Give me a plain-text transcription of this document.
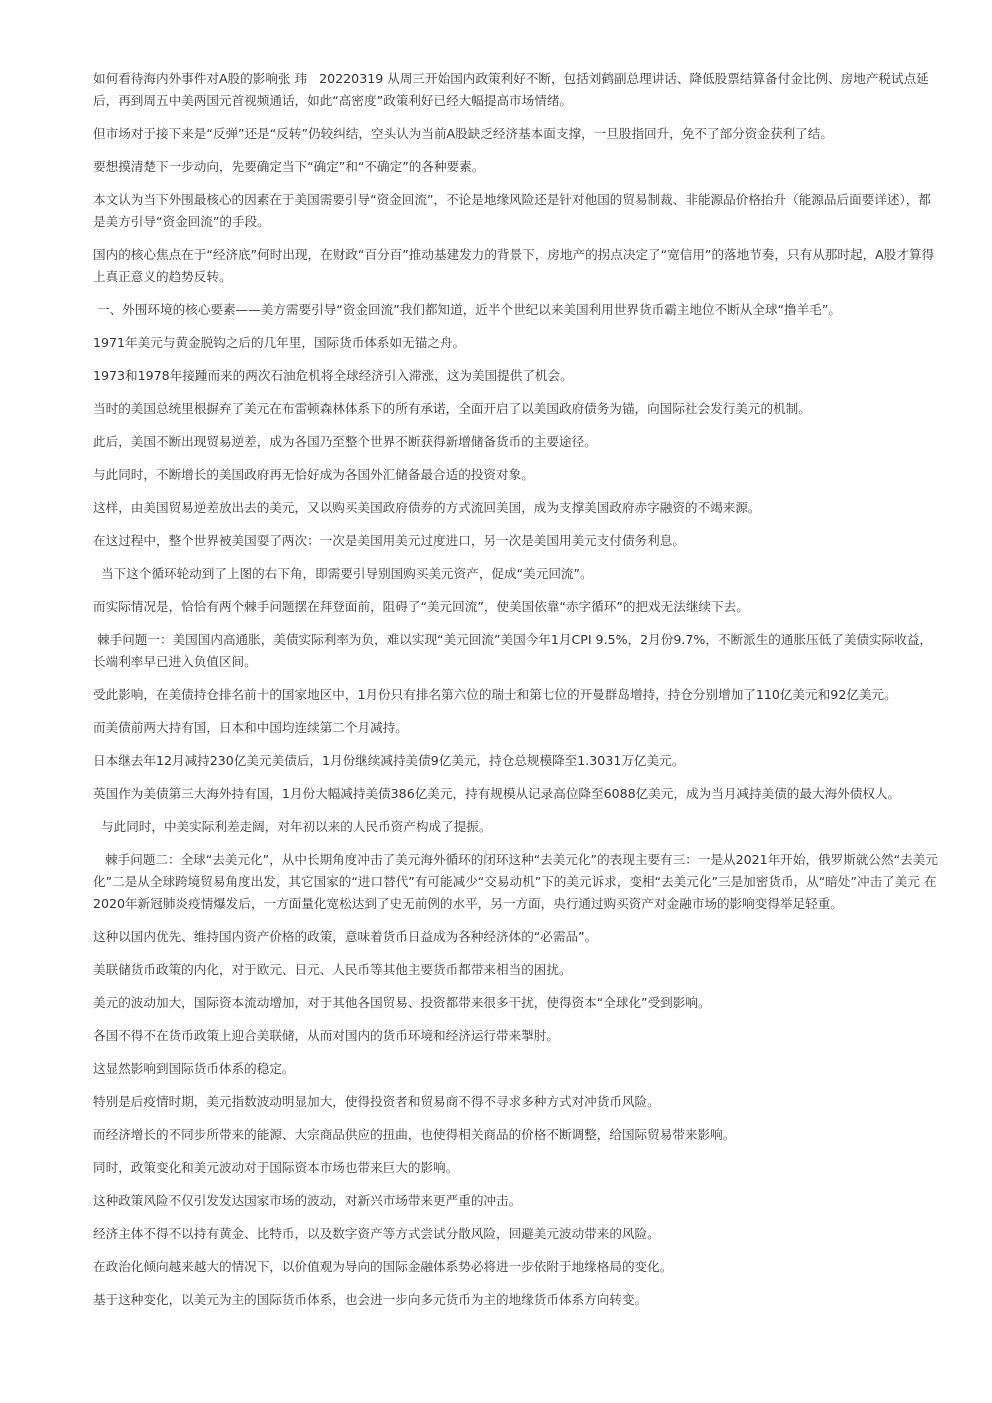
如何看待海内外事件对A股的影响张 玮   20220319 从周三开始国内政策利好不断，包括刘鹤副总理讲话、降低股票结算备付金比例、房地产税试点延后，再到周五中美两国元首视频通话，如此“高密度”政策利好已经大幅提高市场情绪。

但市场对于接下来是“反弹”还是“反转”仍较纠结，空头认为当前A股缺乏经济基本面支撑，一旦股指回升，免不了部分资金获利了结。

要想摸清楚下一步动向，先要确定当下“确定”和“不确定”的各种要素。

本文认为当下外围最核心的因素在于美国需要引导“资金回流”，不论是地缘风险还是针对他国的贸易制裁、非能源品价格抬升（能源品后面要详述），都是美方引导“资金回流”的手段。

国内的核心焦点在于“经济底”何时出现，在财政“百分百”推动基建发力的背景下，房地产的拐点决定了“宽信用”的落地节奏，只有从那时起，A股才算得上真正意义的趋势反转。

一、外围环境的核心要素——美方需要引导“资金回流”我们都知道，近半个世纪以来美国利用世界货币霸主地位不断从全球“撸羊毛”。

1971年美元与黄金脱钩之后的几年里，国际货币体系如无锚之舟。

1973和1978年接踵而来的两次石油危机将全球经济引入滞涨，这为美国提供了机会。

当时的美国总统里根摒弃了美元在布雷顿森林体系下的所有承诺，全面开启了以美国政府债务为锚，向国际社会发行美元的机制。

此后，美国不断出现贸易逆差，成为各国乃至整个世界不断获得新增储备货币的主要途径。

与此同时，不断增长的美国政府再无恰好成为各国外汇储备最合适的投资对象。

这样，由美国贸易逆差放出去的美元，又以购买美国政府债券的方式流回美国，成为支撑美国政府赤字融资的不竭来源。

在这过程中，整个世界被美国耍了两次：一次是美国用美元过度进口，另一次是美国用美元支付债务利息。

当下这个循环轮动到了上图的右下角，即需要引导别国购买美元资产，促成“美元回流”。

而实际情况是，恰恰有两个棘手问题摆在拜登面前，阻碍了“美元回流”，使美国依靠“赤字循环”的把戏无法继续下去。

棘手问题一：美国国内高通胀，美债实际利率为负，难以实现“美元回流”美国今年1月CPI 9.5%，2月份9.7%，不断派生的通胀压低了美债实际收益，长端利率早已进入负值区间。

受此影响，在美债持仓排名前十的国家地区中，1月份只有排名第六位的瑞士和第七位的开曼群岛增持，持仓分别增加了110亿美元和92亿美元。

而美债前两大持有国，日本和中国均连续第二个月减持。

日本继去年12月减持230亿美元美债后，1月份继续减持美债9亿美元，持仓总规模降至1.3031万亿美元。

英国作为美债第三大海外持有国，1月份大幅减持美债386亿美元，持有规模从记录高位降至6088亿美元，成为当月减持美债的最大海外债权人。

与此同时，中美实际利差走阔，对年初以来的人民币资产构成了提振。

棘手问题二：全球“去美元化”，从中长期角度冲击了美元海外循环的闭环这种“去美元化”的表现主要有三：一是从2021年开始，俄罗斯就公然“去美元化”二是从全球跨境贸易角度出发，其它国家的“进口替代”有可能减少“交易动机”下的美元诉求，变相“去美元化”三是加密货币，从“暗处”冲击了美元 在2020年新冠肺炎疫情爆发后，一方面量化宽松达到了史无前例的水平，另一方面，央行通过购买资产对金融市场的影响变得举足轻重。

这种以国内优先、维持国内资产价格的政策，意味着货币日益成为各种经济体的“必需品”。

美联储货币政策的内化，对于欧元、日元、人民币等其他主要货币都带来相当的困扰。

美元的波动加大，国际资本流动增加，对于其他各国贸易、投资都带来很多干扰，使得资本“全球化”受到影响。

各国不得不在货币政策上迎合美联储，从而对国内的货币环境和经济运行带来掣肘。

这显然影响到国际货币体系的稳定。

特别是后疫情时期，美元指数波动明显加大，使得投资者和贸易商不得不寻求多种方式对冲货币风险。

而经济增长的不同步所带来的能源、大宗商品供应的扭曲，也使得相关商品的价格不断调整，给国际贸易带来影响。

同时，政策变化和美元波动对于国际资本市场也带来巨大的影响。

这种政策风险不仅引发发达国家市场的波动，对新兴市场带来更严重的冲击。

经济主体不得不以持有黄金、比特币，以及数字资产等方式尝试分散风险，回避美元波动带来的风险。

在政治化倾向越来越大的情况下，以价值观为导向的国际金融体系势必将进一步依附于地缘格局的变化。

基于这种变化，以美元为主的国际货币体系，也会进一步向多元货币为主的地缘货币体系方向转变。
